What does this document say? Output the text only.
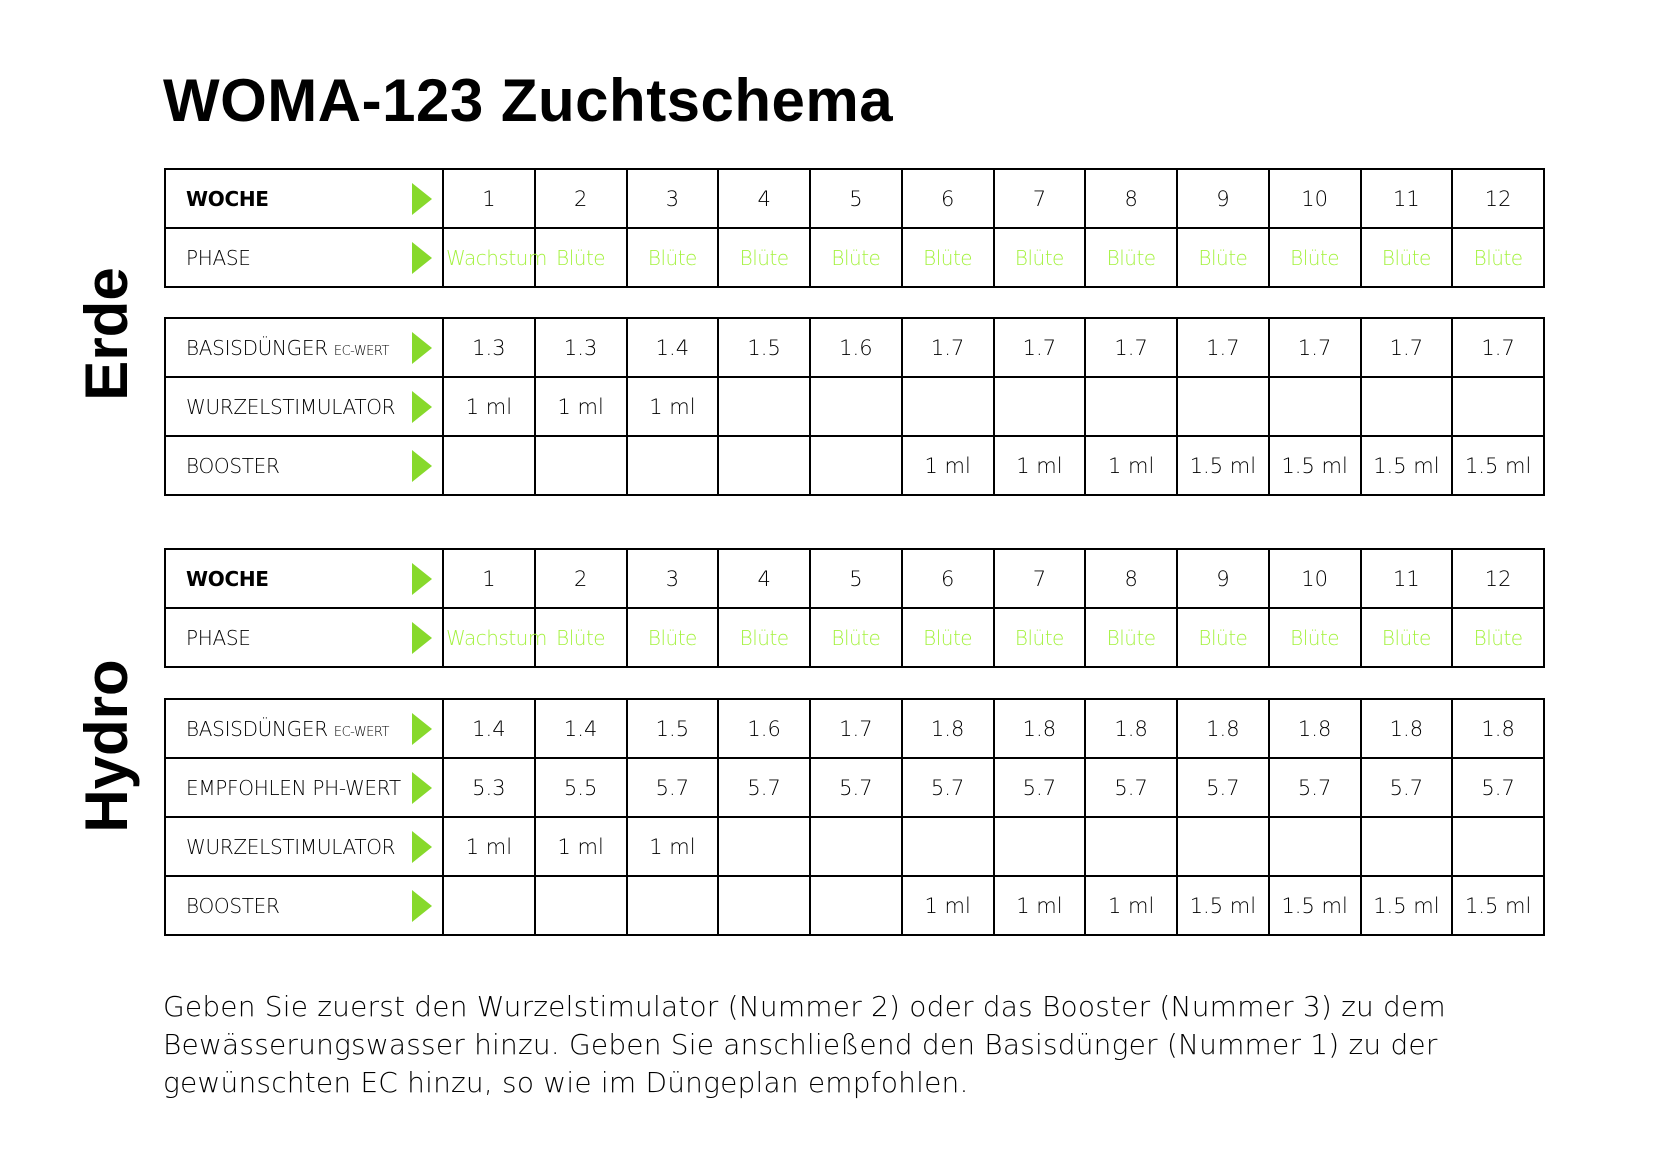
WOMA-123 Zuchtschema
Erde
Hydro
WOCHE	1	2	3	4	5	6	7	8	9	10	11	12
PHASE	Wachstum	Blüte	Blüte	Blüte	Blüte	Blüte	Blüte	Blüte	Blüte	Blüte	Blüte	Blüte
BASISDÜNGER EC-WERT	1.3	1.3	1.4	1.5	1.6	1.7	1.7	1.7	1.7	1.7	1.7	1.7
WURZELSTIMULATOR	1 ml	1 ml	1 ml									
BOOSTER						1 ml	1 ml	1 ml	1.5 ml	1.5 ml	1.5 ml	1.5 ml
WOCHE	1	2	3	4	5	6	7	8	9	10	11	12
PHASE	Wachstum	Blüte	Blüte	Blüte	Blüte	Blüte	Blüte	Blüte	Blüte	Blüte	Blüte	Blüte
BASISDÜNGER EC-WERT	1.4	1.4	1.5	1.6	1.7	1.8	1.8	1.8	1.8	1.8	1.8	1.8
EMPFOHLEN PH-WERT	5.3	5.5	5.7	5.7	5.7	5.7	5.7	5.7	5.7	5.7	5.7	5.7
WURZELSTIMULATOR	1 ml	1 ml	1 ml									
BOOSTER						1 ml	1 ml	1 ml	1.5 ml	1.5 ml	1.5 ml	1.5 ml

Geben Sie zuerst den Wurzelstimulator (Nummer 2) oder das Booster (Nummer 3) zu dem Bewässerungswasser hinzu. Geben Sie anschließend den Basisdünger (Nummer 1) zu der gewünschten EC hinzu, so wie im Düngeplan empfohlen.
